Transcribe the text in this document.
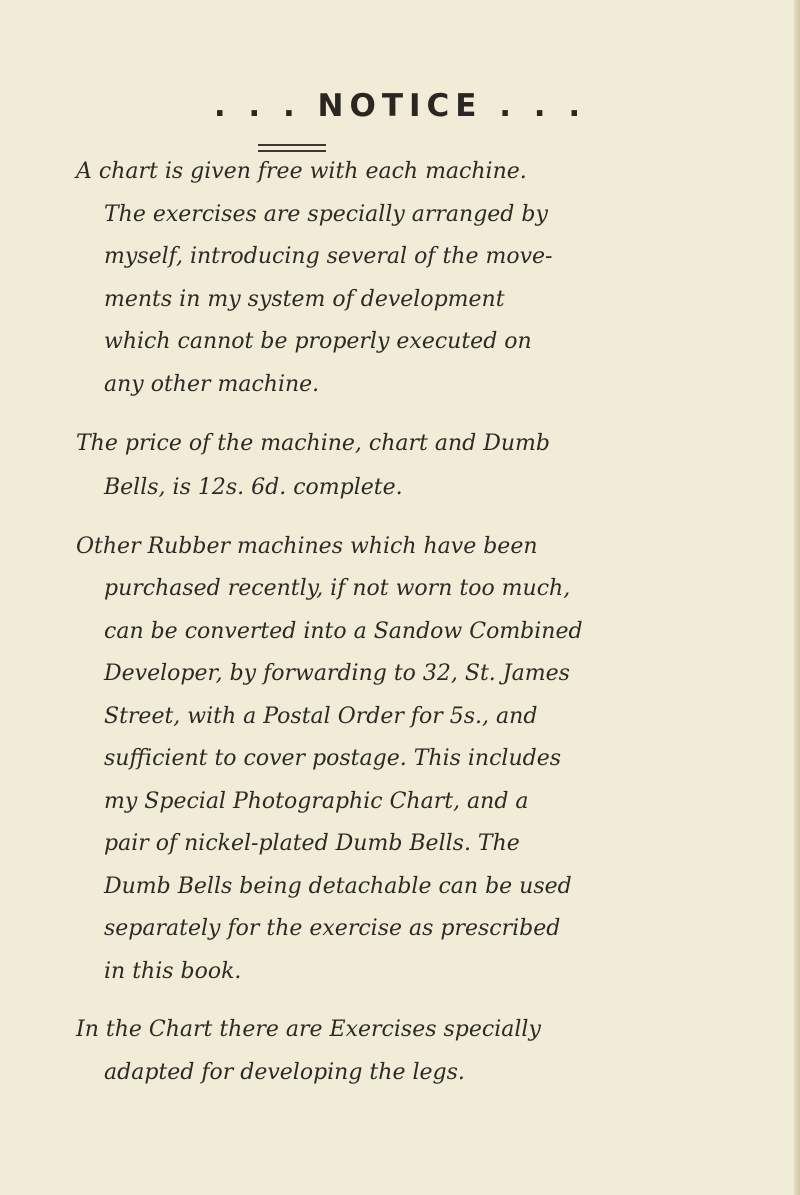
. . . NOTICE . . .
A chart is given free with each machine.
The exercises are specially arranged by
myself, introducing several of the move-
ments in my system of development
which cannot be properly executed on
any other machine.
The price of the machine, chart and Dumb
Bells, is 12s. 6d. complete.
Other Rubber machines which have been
purchased recently, if not worn too much,
can be converted into a Sandow Combined
Developer, by forwarding to 32, St. James
Street, with a Postal Order for 5s., and
sufficient to cover postage. This includes
my Special Photographic Chart, and a
pair of nickel-plated Dumb Bells. The
Dumb Bells being detachable can be used
separately for the exercise as prescribed
in this book.
In the Chart there are Exercises specially
adapted for developing the legs.
